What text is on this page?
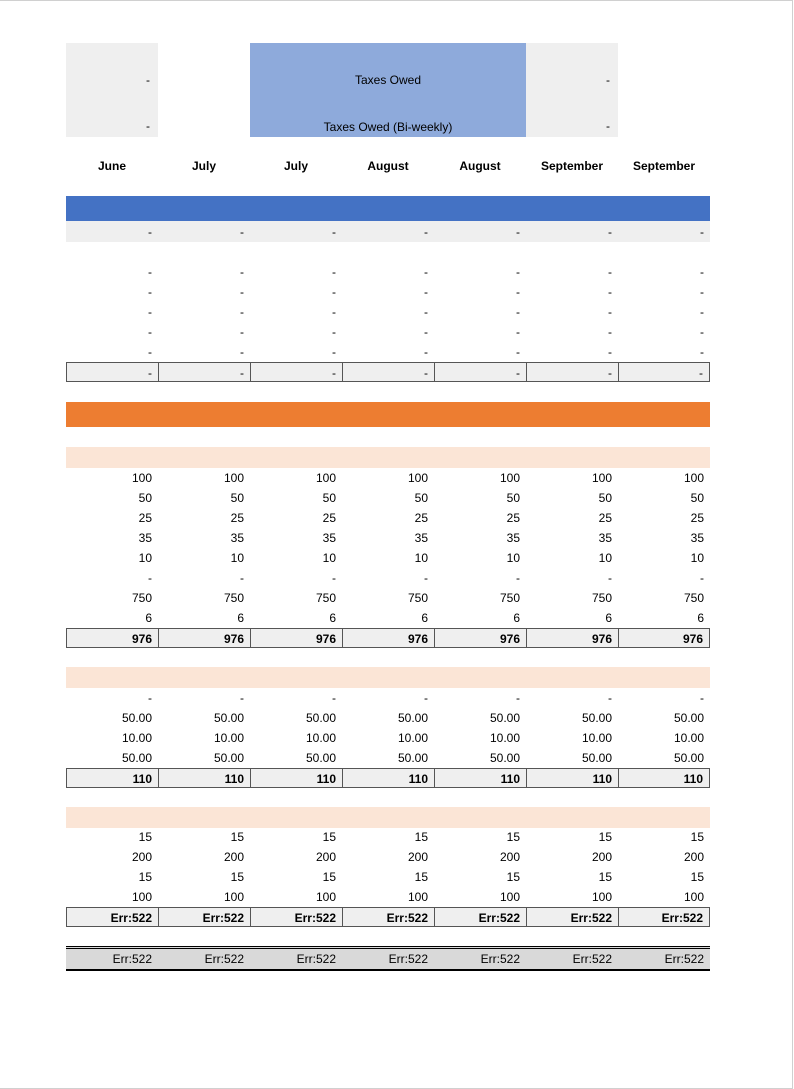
-
-
Taxes Owed
Taxes Owed (Bi-weekly)
-
-
June	July	July	August	August	September	September
-	-	-	-	-	-	-
-	-	-	-	-	-	-
-	-	-	-	-	-	-
-	-	-	-	-	-	-
-	-	-	-	-	-	-
-	-	-	-	-	-	-
-	-	-	-	-	-	-
100	100	100	100	100	100	100
50	50	50	50	50	50	50
25	25	25	25	25	25	25
35	35	35	35	35	35	35
10	10	10	10	10	10	10
-	-	-	-	-	-	-
750	750	750	750	750	750	750
6	6	6	6	6	6	6
976	976	976	976	976	976	976
-	-	-	-	-	-	-
50.00	50.00	50.00	50.00	50.00	50.00	50.00
10.00	10.00	10.00	10.00	10.00	10.00	10.00
50.00	50.00	50.00	50.00	50.00	50.00	50.00
110	110	110	110	110	110	110
15	15	15	15	15	15	15
200	200	200	200	200	200	200
15	15	15	15	15	15	15
100	100	100	100	100	100	100
Err:522	Err:522	Err:522	Err:522	Err:522	Err:522	Err:522
Err:522	Err:522	Err:522	Err:522	Err:522	Err:522	Err:522
